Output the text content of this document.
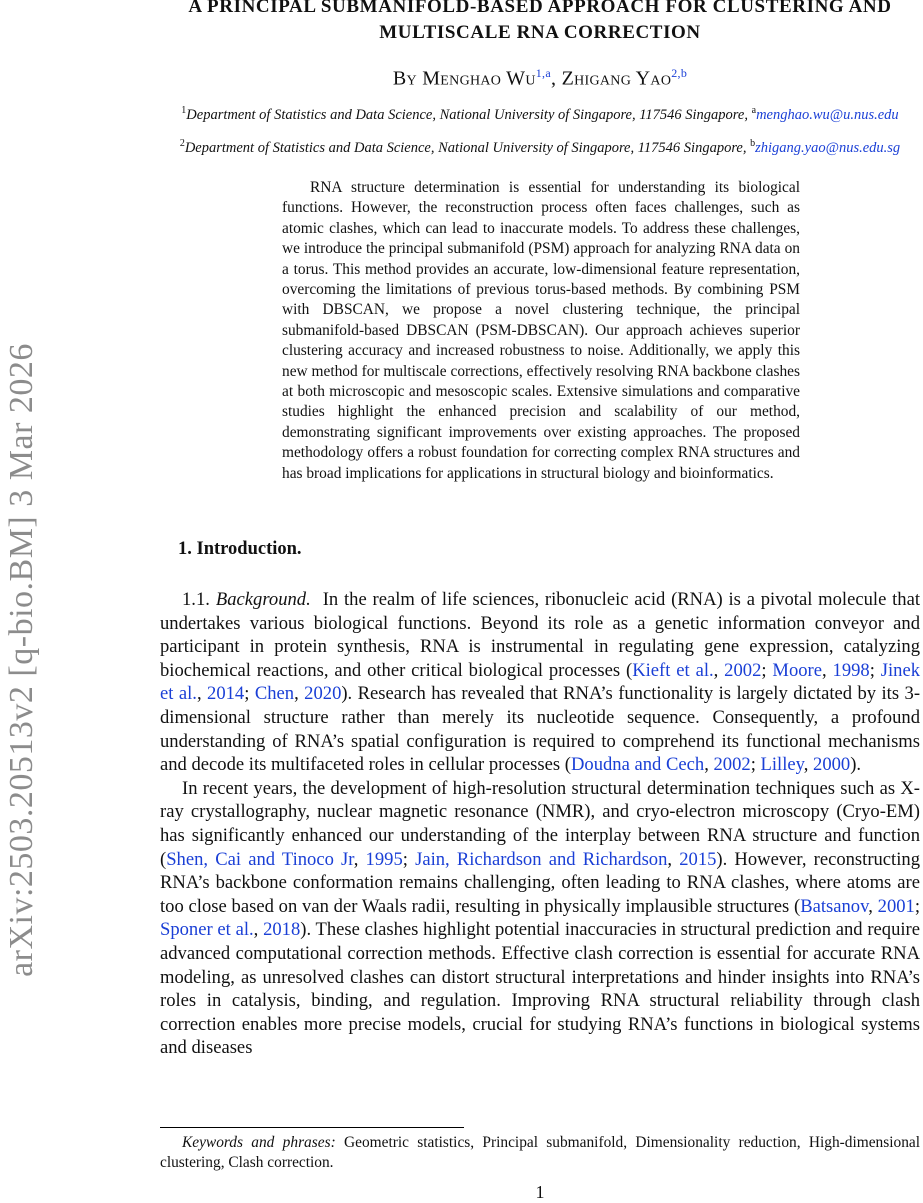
arXiv:2503.20513v2 [q-bio.BM] 3 Mar 2026
A PRINCIPAL SUBMANIFOLD-BASED APPROACH FOR CLUSTERING AND
MULTISCALE RNA CORRECTION
By Menghao Wu$^{1,a}$, Zhigang Yao$^{2,b}$
$^1$Department of Statistics and Data Science, National University of Singapore, 117546 Singapore, $^a$menghao.wu@u.nus.edu
$^2$Department of Statistics and Data Science, National University of Singapore, 117546 Singapore, $^b$zhigang.yao@nus.edu.sg
RNA structure determination is essential for understanding its biological functions. However, the reconstruction process often faces challenges, such as atomic clashes, which can lead to inaccurate models. To address these challenges, we introduce the principal submanifold (PSM) approach for analyzing RNA data on a torus. This method provides an accurate, low-dimensional feature representation, overcoming the limitations of previous torus-based methods. By combining PSM with DBSCAN, we propose a novel clustering technique, the principal submanifold-based DBSCAN (PSM-DBSCAN). Our approach achieves superior clustering accuracy and increased robustness to noise. Additionally, we apply this new method for multiscale corrections, effectively resolving RNA backbone clashes at both microscopic and mesoscopic scales. Extensive simulations and comparative studies highlight the enhanced precision and scalability of our method, demonstrating significant improvements over existing approaches. The proposed methodology offers a robust foundation for correcting complex RNA structures and has broad implications for applications in structural biology and bioinformatics.
1. Introduction.

1.1. Background. In the realm of life sciences, ribonucleic acid (RNA) is a pivotal molecule that undertakes various biological functions. Beyond its role as a genetic information conveyor and participant in protein synthesis, RNA is instrumental in regulating gene expression, catalyzing biochemical reactions, and other critical biological processes (Kieft et al., 2002; Moore, 1998; Jinek et al., 2014; Chen, 2020). Research has revealed that RNA’s functionality is largely dictated by its 3-dimensional structure rather than merely its nucleotide sequence. Consequently, a profound understanding of RNA’s spatial configuration is required to comprehend its functional mechanisms and decode its multifaceted roles in cellular processes (Doudna and Cech, 2002; Lilley, 2000).

In recent years, the development of high-resolution structural determination techniques such as X-ray crystallography, nuclear magnetic resonance (NMR), and cryo-electron microscopy (Cryo-EM) has significantly enhanced our understanding of the interplay between RNA structure and function (Shen, Cai and Tinoco Jr, 1995; Jain, Richardson and Richardson, 2015). However, reconstructing RNA’s backbone conformation remains challenging, often leading to RNA clashes, where atoms are too close based on van der Waals radii, resulting in physically implausible structures (Batsanov, 2001; Sponer et al., 2018). These clashes highlight potential inaccuracies in structural prediction and require advanced computational correction methods. Effective clash correction is essential for accurate RNA modeling, as unresolved clashes can distort structural interpretations and hinder insights into RNA’s roles in catalysis, binding, and regulation. Improving RNA structural reliability through clash correction enables more precise models, crucial for studying RNA’s functions in biological systems and diseases

Keywords and phrases: Geometric statistics, Principal submanifold, Dimensionality reduction, High-dimensional clustering, Clash correction.
1
